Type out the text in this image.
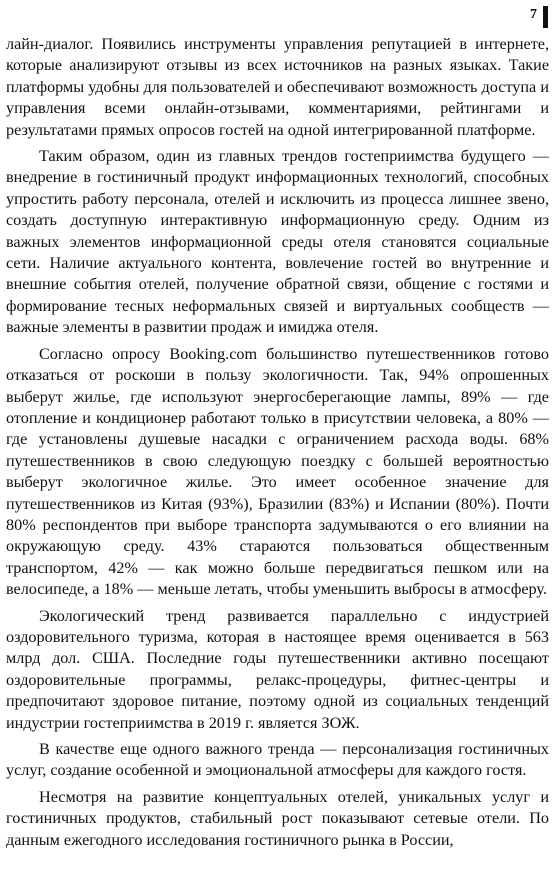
7

лайн-диалог. Появились инструменты управления репутацией в интернете, которые анализируют отзывы из всех источников на разных языках. Такие платформы удобны для пользователей и обеспечивают возможность доступа и управления всеми онлайн-отзывами, комментариями, рейтингами и результатами прямых опросов гостей на одной интегрированной платформе.

Таким образом, один из главных трендов гостеприимства будущего — внедрение в гостиничный продукт информационных технологий, способных упростить работу персонала, отелей и исключить из процесса лишнее звено, создать доступную интерактивную информационную среду. Одним из важных элементов информационной среды отеля становятся социальные сети. Наличие актуального контента, вовлечение гостей во внутренние и внешние события отелей, получение обратной связи, общение с гостями и формирование тесных неформальных связей и виртуальных сообществ — важные элементы в развитии продаж и имиджа отеля.

Согласно опросу Booking.com большинство путешественников готово отказаться от роскоши в пользу экологичности. Так, 94% опрошенных выберут жилье, где используют энергосберегающие лампы, 89% — где отопление и кондиционер работают только в присутствии человека, а 80% — где установлены душевые насадки с ограничением расхода воды. 68% путешественников в свою следующую поездку с большей вероятностью выберут экологичное жилье. Это имеет особенное значение для путешественников из Китая (93%), Бразилии (83%) и Испании (80%). Почти 80% респондентов при выборе транспорта задумываются о его влиянии на окружающую среду. 43% стараются пользоваться общественным транспортом, 42% — как можно больше передвигаться пешком или на велосипеде, а 18% — меньше летать, чтобы уменьшить выбросы в атмосферу.

Экологический тренд развивается параллельно с индустрией оздоровительного туризма, которая в настоящее время оценивается в 563 млрд дол. США. Последние годы путешественники активно посещают оздоровительные программы, релакс-процедуры, фитнес-центры и предпочитают здоровое питание, поэтому одной из социальных тенденций индустрии гостеприимства в 2019 г. является ЗОЖ.

В качестве еще одного важного тренда — персонализация гостиничных услуг, создание особенной и эмоциональной атмосферы для каждого гостя.

Несмотря на развитие концептуальных отелей, уникальных услуг и гостиничных продуктов, стабильный рост показывают сетевые отели. По данным ежегодного исследования гостиничного рынка в России,
